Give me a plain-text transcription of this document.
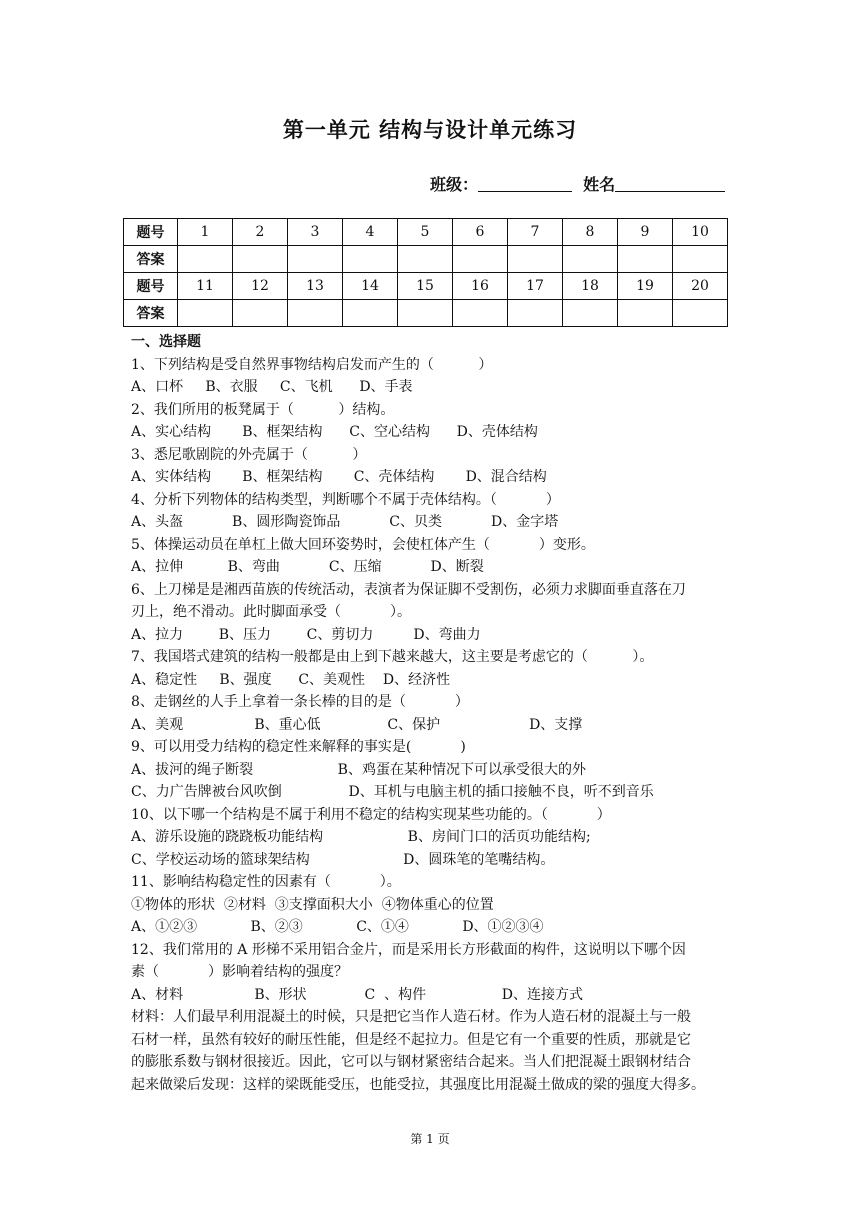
第一单元 结构与设计单元练习
班级：	姓名
题号	1	2	3	4	5	6	7	8	9	10
答案										
题号	11	12	13	14	15	16	17	18	19	20
答案										
一、选择题
1、下列结构是受自然界事物结构启发而产生的（          ）
A、口杯     B、衣服     C、飞机      D、手表
2、我们所用的板凳属于（          ）结构。
A、实心结构       B、框架结构      C、空心结构      D、壳体结构
3、悉尼歌剧院的外壳属于（          ）
A、实体结构       B、框架结构       C、壳体结构       D、混合结构
4、分析下列物体的结构类型，判断哪个不属于壳体结构。（           ）
A、头盔           B、圆形陶瓷饰品           C、贝类           D、金字塔
5、体操运动员在单杠上做大回环姿势时，会使杠体产生（           ）变形。
A、拉伸          B、弯曲           C、压缩           D、断裂
6、上刀梯是是湘西苗族的传统活动，表演者为保证脚不受割伤，必须力求脚面垂直落在刀
刃上，绝不滑动。此时脚面承受（           ）。
A、拉力        B、压力        C、剪切力         D、弯曲力
7、我国塔式建筑的结构一般都是由上到下越来越大，这主要是考虑它的（          ）。
A、稳定性     B、强度      C、美观性    D、经济性
8、走钢丝的人手上拿着一条长棒的目的是（           ）
A、美观                B、重心低               C、保护                    D、支撑
9、可以用受力结构的稳定性来解释的事实是(           )
A、拔河的绳子断裂                   B、鸡蛋在某种情况下可以承受很大的外
C、力广告牌被台风吹倒               D、耳机与电脑主机的插口接触不良，听不到音乐
10、以下哪一个结构是不属于利用不稳定的结构实现某些功能的。（           ）
A、游乐设施的跷跷板功能结构                   B、房间门口的活页功能结构;
C、学校运动场的篮球架结构                     D、圆珠笔的笔嘴结构。
11、影响结构稳定性的因素有（           ）。
①物体的形状  ②材料  ③支撑面积大小  ④物体重心的位置
A、①②③            B、②③            C、①④            D、①②③④
12、我们常用的 A 形梯不采用铝合金片，而是采用长方形截面的构件，这说明以下哪个因
素（           ）影响着结构的强度？
A、材料                B、形状             C  、构件                 D、连接方式
材料：人们最早利用混凝土的时候，只是把它当作人造石材。作为人造石材的混凝土与一般
石材一样，虽然有较好的耐压性能，但是经不起拉力。但是它有一个重要的性质，那就是它
的膨胀系数与钢材很接近。因此，它可以与钢材紧密结合起来。当人们把混凝土跟钢材结合
起来做梁后发现：这样的梁既能受压，也能受拉，其强度比用混凝土做成的梁的强度大得多。
第 1 页
